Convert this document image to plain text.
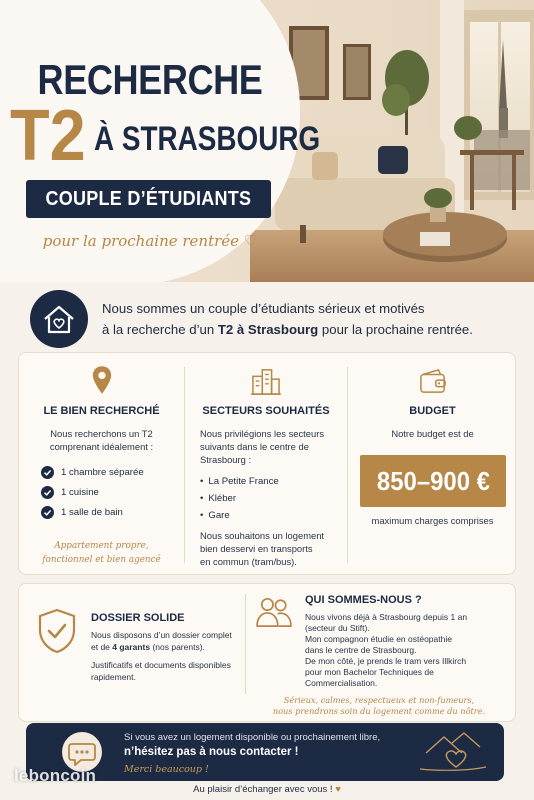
RECHERCHE
T2 À STRASBOURG
COUPLE D’ÉTUDIANTS
pour la prochaine rentrée ♡
Nous sommes un couple d’étudiants sérieux et motivés
à la recherche d’un T2 à Strasbourg pour la prochaine rentrée.
LE BIEN RECHERCHÉ
Nous recherchons un T2
comprenant idéalement :
1 chambre séparée
1 cuisine
1 salle de bain
Appartement propre,
fonctionnel et bien agencé
SECTEURS SOUHAITÉS
Nous privilégions les secteurs
suivants dans le centre de
Strasbourg :
• La Petite France
• Kléber
• Gare
Nous souhaitons un logement
bien desservi en transports
en commun (tram/bus).
BUDGET
Notre budget est de
850–900 €
maximum charges comprises
DOSSIER SOLIDE
Nous disposons d’un dossier complet
et de 4 garants (nos parents).
Justificatifs et documents disponibles
rapidement.
QUI SOMMES-NOUS ?
Nous vivons déjà à Strasbourg depuis 1 an
(secteur du Stift).
Mon compagnon étudie en ostéopathie
dans le centre de Strasbourg.
De mon côté, je prends le tram vers Illkirch
pour mon Bachelor Techniques de
Commercialisation.
Sérieux, calmes, respectueux et non-fumeurs,
nous prendrons soin du logement comme du nôtre.
Si vous avez un logement disponible ou prochainement libre,
n’hésitez pas à nous contacter !
Merci beaucoup !
Au plaisir d’échanger avec vous ! ♥
leboncoin
